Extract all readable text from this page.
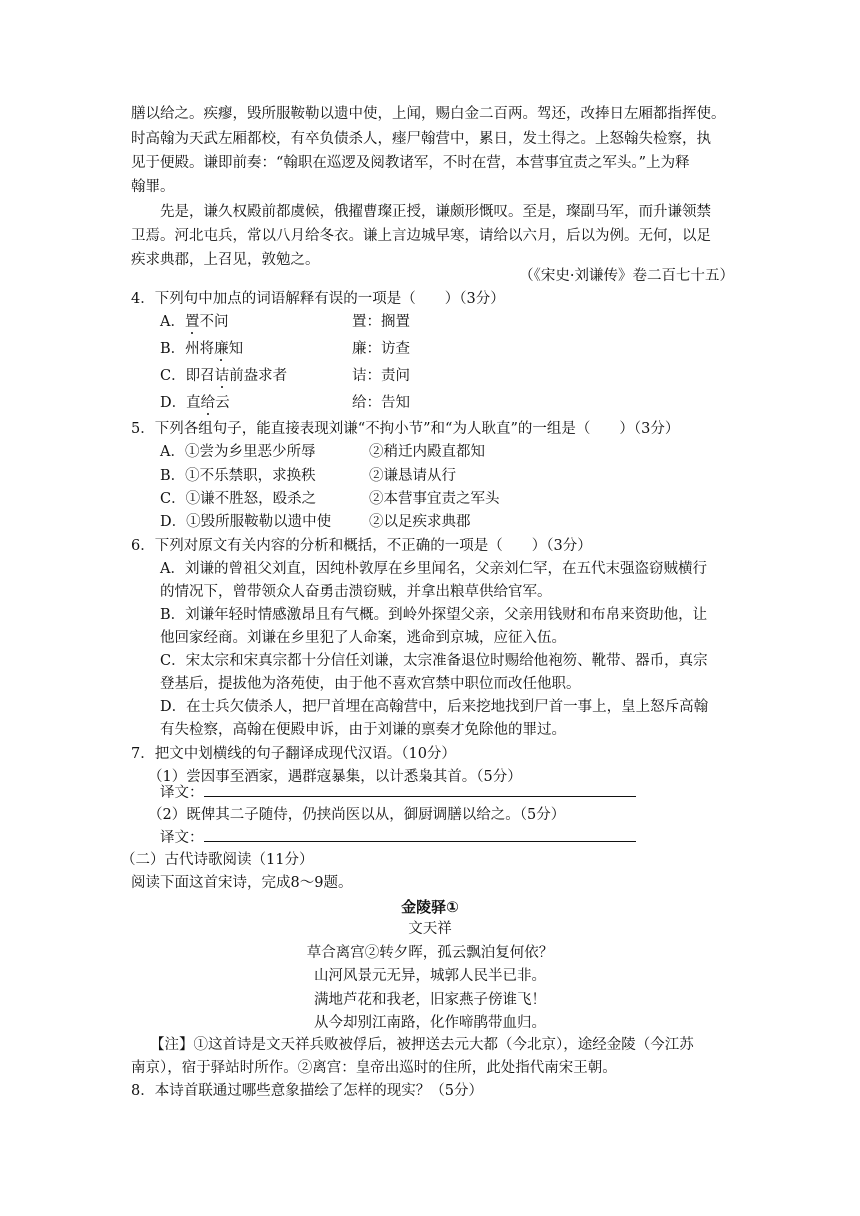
膳以给之。疾瘳，毁所服鞍勒以遗中使，上闻，赐白金二百两。驾还，改捧日左厢都指挥使。
时高翰为天武左厢都校，有卒负债杀人，瘗尸翰营中，累日，发土得之。上怒翰失检察，执
见于便殿。谦即前奏：“翰职在巡逻及阅教诸军，不时在营，本营事宜责之军头。”上为释
翰罪。
先是，谦久权殿前都虞候，俄擢曹璨正授，谦颇形慨叹。至是，璨副马军，而升谦领禁
卫焉。河北屯兵，常以八月给冬衣。谦上言边城早寒，请给以六月，后以为例。无何，以足
疾求典郡，上召见，敦勉之。
（《宋史·刘谦传》卷二百七十五）
4．下列句中加点的词语解释有误的一项是（　　）（3分）
A．置不问	置：搁置
B．州将廉知	廉：访查
C．即召诘前盎求者	诘：责问
D．直给云	给：告知
5．下列各组句子，能直接表现刘谦“不拘小节”和“为人耿直”的一组是（　　）（3分）
A．①尝为乡里恶少所辱	②稍迁内殿直都知
B．①不乐禁职，求换秩	②谦恳请从行
C．①谦不胜怒，殴杀之	②本营事宜责之军头
D．①毁所服鞍勒以遗中使	②以足疾求典郡
6．下列对原文有关内容的分析和概括，不正确的一项是（　　）（3分）
A．刘谦的曾祖父刘直，因纯朴敦厚在乡里闻名，父亲刘仁罕，在五代末强盗窃贼横行
的情况下，曾带领众人奋勇击溃窃贼，并拿出粮草供给官军。
B．刘谦年轻时情感激昂且有气概。到岭外探望父亲，父亲用钱财和布帛来资助他，让
他回家经商。刘谦在乡里犯了人命案，逃命到京城，应征入伍。
C．宋太宗和宋真宗都十分信任刘谦，太宗准备退位时赐给他袍笏、靴带、器币，真宗
登基后，提拔他为洛苑使，由于他不喜欢宫禁中职位而改任他职。
D．在士兵欠债杀人，把尸首埋在高翰营中，后来挖地找到尸首一事上，皇上怒斥高翰
有失检察，高翰在便殿申诉，由于刘谦的禀奏才免除他的罪过。
7．把文中划横线的句子翻译成现代汉语。（10分）
（1）尝因事至酒家，遇群寇暴集，以计悉枭其首。（5分）
译文：
（2）既俾其二子随侍，仍挟尚医以从，御厨调膳以给之。（5分）
译文：
（二）古代诗歌阅读（11分）
阅读下面这首宋诗，完成8～9题。
金陵驿①
文天祥
草合离宫②转夕晖，孤云飘泊复何依？
山河风景元无异，城郭人民半已非。
满地芦花和我老，旧家燕子傍谁飞！
从今却别江南路，化作啼鹃带血归。
【注】①这首诗是文天祥兵败被俘后，被押送去元大都（今北京），途经金陵（今江苏
南京），宿于驿站时所作。②离宫：皇帝出巡时的住所，此处指代南宋王朝。
8．本诗首联通过哪些意象描绘了怎样的现实？（5分）
